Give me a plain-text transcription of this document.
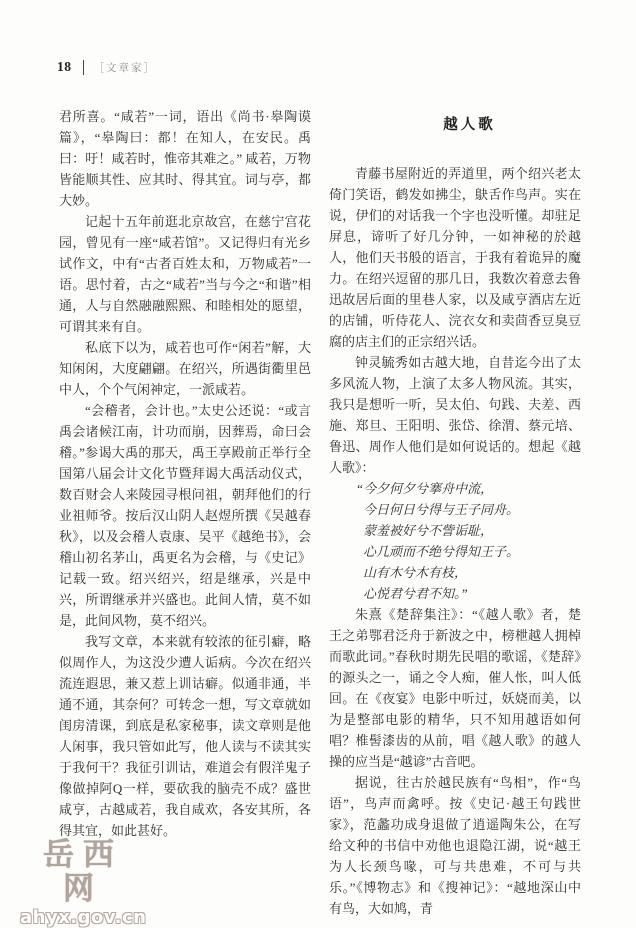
18 ［文章家］

君所喜。“咸若”一词，语出《尚书·皋陶谟篇》，“皋陶曰：都！在知人，在安民。禹曰：吁！咸若时，惟帝其难之。” 咸若，万物皆能顺其性、应其时、得其宜。词与亭，都大妙。

记起十五年前逛北京故宫，在慈宁宫花园，曾见有一座“咸若馆”。又记得归有光乡试作文，中有“古者百姓太和，万物咸若”一语。思忖着，古之“咸若”当与今之“和谐”相通，人与自然融融熙熙、和睦相处的愿望，可谓其来有自。

私底下以为，咸若也可作“闲若”解，大知闲闲，大度翩翩。在绍兴，所遇街衢里邑中人，个个气闲神定，一派咸若。

“会稽者，会计也。”太史公还说：“或言禹会诸候江南，计功而崩，因葬焉，命曰会稽。”参谒大禹的那天，禹王享殿前正举行全国第八届会计文化节暨拜谒大禹活动仪式，数百财会人来陵园寻根问祖，朝拜他们的行业祖师爷。按后汉山阴人赵煜所撰《吴越春秋》，以及会稽人袁康、吴平《越绝书》，会稽山初名茅山，禹更名为会稽，与《史记》记载一致。绍兴绍兴，绍是继承，兴是中兴，所谓继承并兴盛也。此间人情，莫不如是，此间风物，莫不绍兴。

我写文章，本来就有较浓的征引癖，略似周作人，为这没少遭人诟病。今次在绍兴流连遐思，兼又惹上训诂癖。似通非通，半通不通，其奈何？可转念一想，写文章就如闺房清课，到底是私家秘事，读文章则是他人闲事，我只管如此写，他人读与不读其实于我何干？我征引训诂，难道会有假洋鬼子像做掉阿Q一样，要砍我的脑壳不成？盛世咸亨，古越咸若，我自咸欢，各安其所，各得其宜，如此甚好。

越人歌

青藤书屋附近的弄道里，两个绍兴老太倚门笑语，鹤发如拂尘，鴃舌作鸟声。实在说，伊们的对话我一个字也没听懂。却驻足屏息，谛听了好几分钟，一如神秘的於越人，他们天书般的语言，于我有着诡异的魔力。在绍兴逗留的那几日，我数次着意去鲁迅故居后面的里巷人家，以及咸亨酒店左近的店铺，听侍花人、浣衣女和卖茴香豆臭豆腐的店主们的正宗绍兴话。

钟灵毓秀如古越大地，自昔迄今出了太多风流人物，上演了太多人物风流。其实，我只是想听一听，吴太伯、句践、夫差、西施、郑旦、王阳明、张岱、徐渭、蔡元培、鲁迅、周作人他们是如何说话的。想起《越人歌》：

“今夕何夕兮搴舟中流，

今日何日兮得与王子同舟。

蒙羞被好兮不訾诟耻，

心几顽而不绝兮得知王子。

山有木兮木有枝，

心悦君兮君不知。”

朱熹《楚辞集注》：“《越人歌》者，楚王之弟鄂君泛舟于新波之中，榜枻越人拥棹而歌此词。”春秋时期先民唱的歌谣，《楚辞》的源头之一，诵之令人痴，催人怅，叫人低回。在《夜宴》电影中听过，妖娆而美，以为是整部电影的精华，只不知用越语如何唱？椎髻漆齿的从前，唱《越人歌》的越人操的应当是“越谚”古音吧。

据说，往古於越民族有“鸟相”，作“鸟语”，鸟声而禽呼。按《史记·越王句践世家》，范蠡功成身退做了逍遥陶朱公，在写给文种的书信中劝他也退隐江湖，说“越王为人长颈鸟喙，可与共患难，不可与共乐。”《博物志》和《搜神记》：“越地深山中有鸟，大如鸠，青

岳西网
ahyx.gov.cn
